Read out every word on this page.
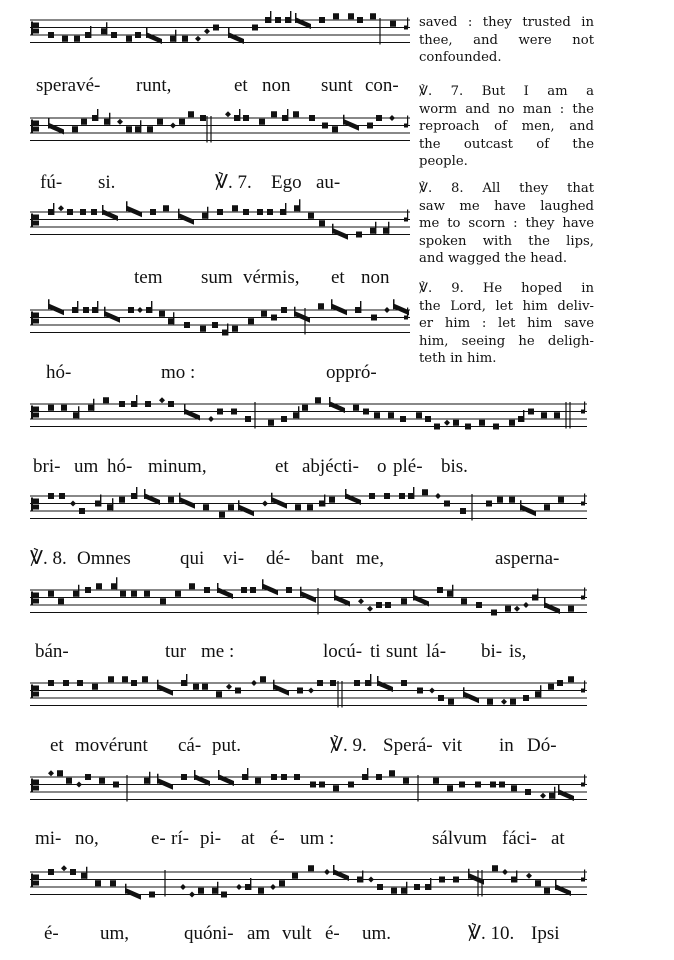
saved : they trusted in
thee, and were not
confounded.
℣. 7. But I am a
worm and no man : the
reproach of men, and
the outcast of the
people.
℣. 8. All they that
saw me have laughed
me to scorn : they have
spoken with the lips,
and wagged the head.
℣. 9. He hoped in
the Lord, let him deliv-
er him : let him save
him, seeing he deligh-
teth in him.
speravé- runt,	et non sunt con-
fú- si.	℣. 7. Ego au-
tem sum vérmis, et non
hó-	mo :	oppró-
bri- um hó- minum,	et abjécti- o plé- bis.
℣. 8. Omnes	qui vi- dé- bant me,	asperna-
bán-	tur me :	locú- ti sunt lá- bi- is,
et movérunt cá- put.	℣. 9. Sperá- vit in Dó-
mi- no,	e- rí- pi- at é- um :	sálvum fáci- at
é- um,	quóni- am vult é- um.	℣. 10. Ipsi
